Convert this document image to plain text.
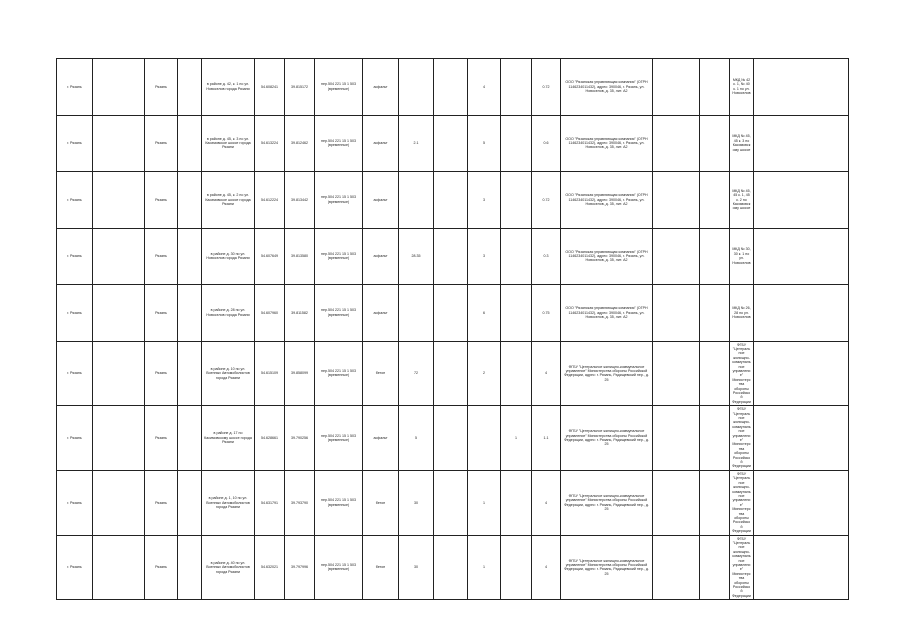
г. Рязань		Рязань		в районе д. 42, к. 1 по ул. Новоселов города Рязани	54.608241	39.815172	пер.504 221 15 1 503 (временные)	асфальт			4		0.72	ООО "Рязанская управляющая компания" (ОГРН 1146234011432), адрес: 390046, г. Рязань, ул. Новоселов, д. 35, лит. А2			МКД № 42 к. 1, № 40 к. 1 по ул. Новоселов	
г. Рязань		Рязань		в районе д. 45, к. 3 по ул. Касимовское шоссе города Рязани	54.613224	39.812462	пер.504 221 15 1 503 (временные)	асфальт	2.1		5		0.6	ООО "Рязанская управляющая компания" (ОГРН 1146234011432), адрес: 390046, г. Рязань, ул. Новоселов, д. 35, лит. А2			МКД № 45, 45 к. 3 по Касимовскому шоссе	
г. Рязань		Рязань		в районе д. 45, к. 2 по ул. Касимовское шоссе города Рязани	54.612224	39.813442	пер.504 221 15 1 503 (временные)	асфальт			3		0.72	ООО "Рязанская управляющая компания" (ОГРН 1146234011432), адрес: 390046, г. Рязань, ул. Новоселов, д. 35, лит. А2			МКД № 45, 45 к. 1, 45 к. 2 по Касимовскому шоссе	
г. Рязань		Рязань		в районе д. 30 по ул. Новоселов города Рязани	54.607649	39.813580	пер.504 221 15 1 503 (временные)	асфальт	28.35		3		0.3	ООО "Рязанская управляющая компания" (ОГРН 1146234011432), адрес: 390046, г. Рязань, ул. Новоселов, д. 35, лит. А2			МКД № 30, 30 к. 1 по ул. Новоселов	
г. Рязань		Рязань		в районе д. 28 по ул. Новоселов города Рязани	54.607960	39.811582	пер.504 221 15 1 503 (временные)	асфальт			6		0.75	ООО "Рязанская управляющая компания" (ОГРН 1146234011432), адрес: 390046, г. Рязань, ул. Новоселов, д. 35, лит. А2			МКД № 26, 28 по ул. Новоселов	
г. Рязань		Рязань		в районе д. 10 по ул. Военных Автомобилистов города Рязани	54.615109	39.858099	пер.504 221 15 1 503 (временные)	бетон	72		2		4	ФГБУ "Центральное жилищно-коммунальное управление" Министерства обороны Российской Федерации, адрес: г. Рязань, Радищевский пер., д. 25			ФГБУ "Центральное жилищно-коммунальное управление" Министерства обороны Российской Федерации	
г. Рязань		Рязань		в районе д. 17 по Касимовскому шоссе города Рязани	54.628661	39.790256	пер.504 221 15 1 503 (временные)	асфальт	5			1	1.1	ФГБУ "Центральное жилищно-коммунальное управление" Министерства обороны Российской Федерации, адрес: г. Рязань, Радищевский пер., д. 25			ФГБУ "Центральное жилищно-коммунальное управление" Министерства обороны Российской Федерации	
г. Рязань		Рязань		в районе д. 1, 10 по ул. Военных Автомобилистов города Рязани	54.631791	39.793790	пер.504 221 15 1 503 (временные)	бетон	30		1		4	ФГБУ "Центральное жилищно-коммунальное управление" Министерства обороны Российской Федерации, адрес: г. Рязань, Радищевский пер., д. 25			ФГБУ "Центральное жилищно-коммунальное управление" Министерства обороны Российской Федерации	
г. Рязань		Рязань		в районе д. 40 по ул. Военных Автомобилистов города Рязани	54.632021	39.797996	пер.504 221 15 1 503 (временные)	бетон	30		1		4	ФГБУ "Центральное жилищно-коммунальное управление" Министерства обороны Российской Федерации, адрес: г. Рязань, Радищевский пер., д. 25			ФГБУ "Центральное жилищно-коммунальное управление" Министерства обороны Российской Федерации	
